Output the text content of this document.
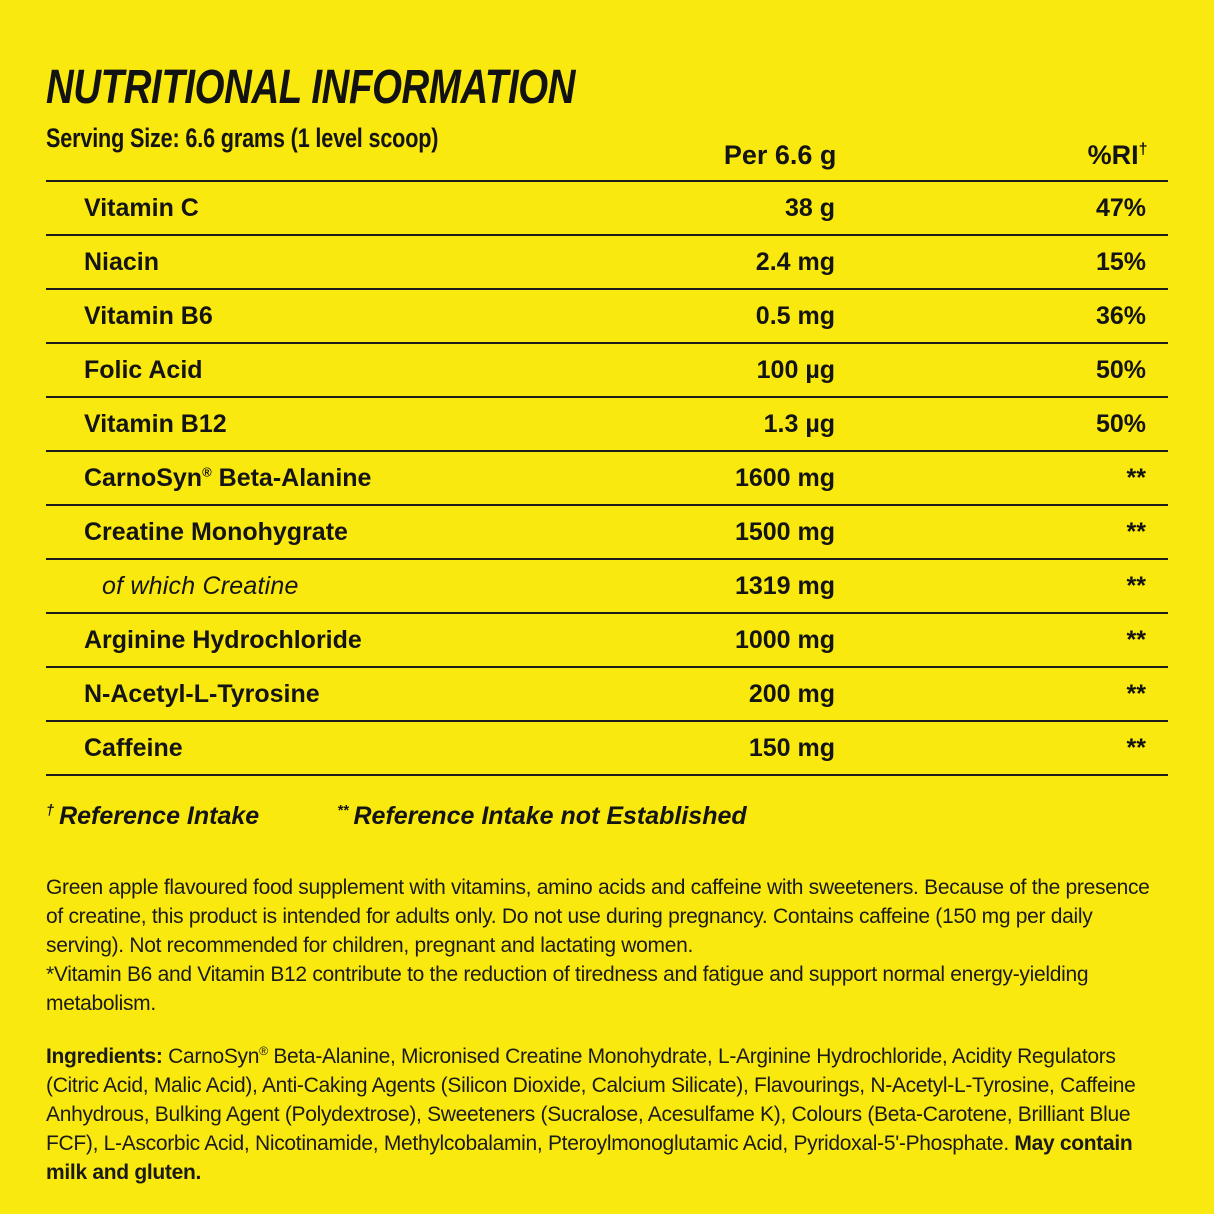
NUTRITIONAL INFORMATION
Serving Size: 6.6 grams (1 level scoop)
Per 6.6 g	%RI†
Vitamin C	38 g	47%
Niacin	2.4 mg	15%
Vitamin B6	0.5 mg	36%
Folic Acid	100 µg	50%
Vitamin B12	1.3 µg	50%
CarnoSyn® Beta-Alanine	1600 mg	**
Creatine Monohygrate	1500 mg	**
of which Creatine	1319 mg	**
Arginine Hydrochloride	1000 mg	**
N-Acetyl-L-Tyrosine	200 mg	**
Caffeine	150 mg	**
† Reference Intake	** Reference Intake not Established

Green apple flavoured food supplement with vitamins, amino acids and caffeine with sweeteners. Because of the presence of creatine, this product is intended for adults only. Do not use during pregnancy. Contains caffeine (150 mg per daily serving). Not recommended for children, pregnant and lactating women.
*Vitamin B6 and Vitamin B12 contribute to the reduction of tiredness and fatigue and support normal energy-yielding metabolism.

Ingredients: CarnoSyn® Beta-Alanine, Micronised Creatine Monohydrate, L-Arginine Hydrochloride, Acidity Regulators (Citric Acid, Malic Acid), Anti-Caking Agents (Silicon Dioxide, Calcium Silicate), Flavourings, N-Acetyl-L-Tyrosine, Caffeine Anhydrous, Bulking Agent (Polydextrose), Sweeteners (Sucralose, Acesulfame K), Colours (Beta-Carotene, Brilliant Blue FCF), L-Ascorbic Acid, Nicotinamide, Methylcobalamin, Pteroylmonoglutamic Acid, Pyridoxal-5'-Phosphate. May contain milk and gluten.
